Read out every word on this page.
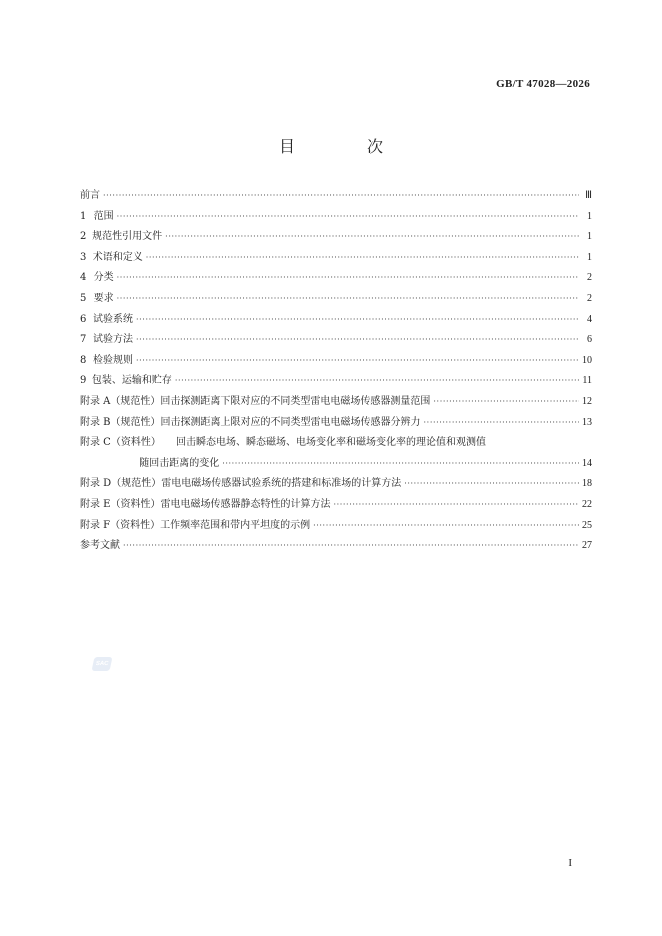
GB/T 47028—2026
目　次
前言 ·····	Ⅲ
1 范围 ·····	1
2 规范性引用文件 ·····	1
3 术语和定义 ·····	1
4 分类 ·····	2
5 要求 ·····	2
6 试验系统 ·····	4
7 试验方法 ·····	6
8 检验规则 ·····	10
9 包装、运输和贮存 ·····	11
附录 A（规范性） 回击探测距离下限对应的不同类型雷电电磁场传感器测量范围 ·····	12
附录 B（规范性） 回击探测距离上限对应的不同类型雷电电磁场传感器分辨力 ·····	13
附录 C（资料性）	回击瞬态电场、瞬态磁场、电场变化率和磁场变化率的理论值和观测值
随回击距离的变化 ·····	14
附录 D（规范性） 雷电电磁场传感器试验系统的搭建和标准场的计算方法 ·····	18
附录 E（资料性） 雷电电磁场传感器静态特性的计算方法 ·····	22
附录 F（资料性） 工作频率范围和带内平坦度的示例 ·····	25
参考文献 ·····	27
SAC
I
